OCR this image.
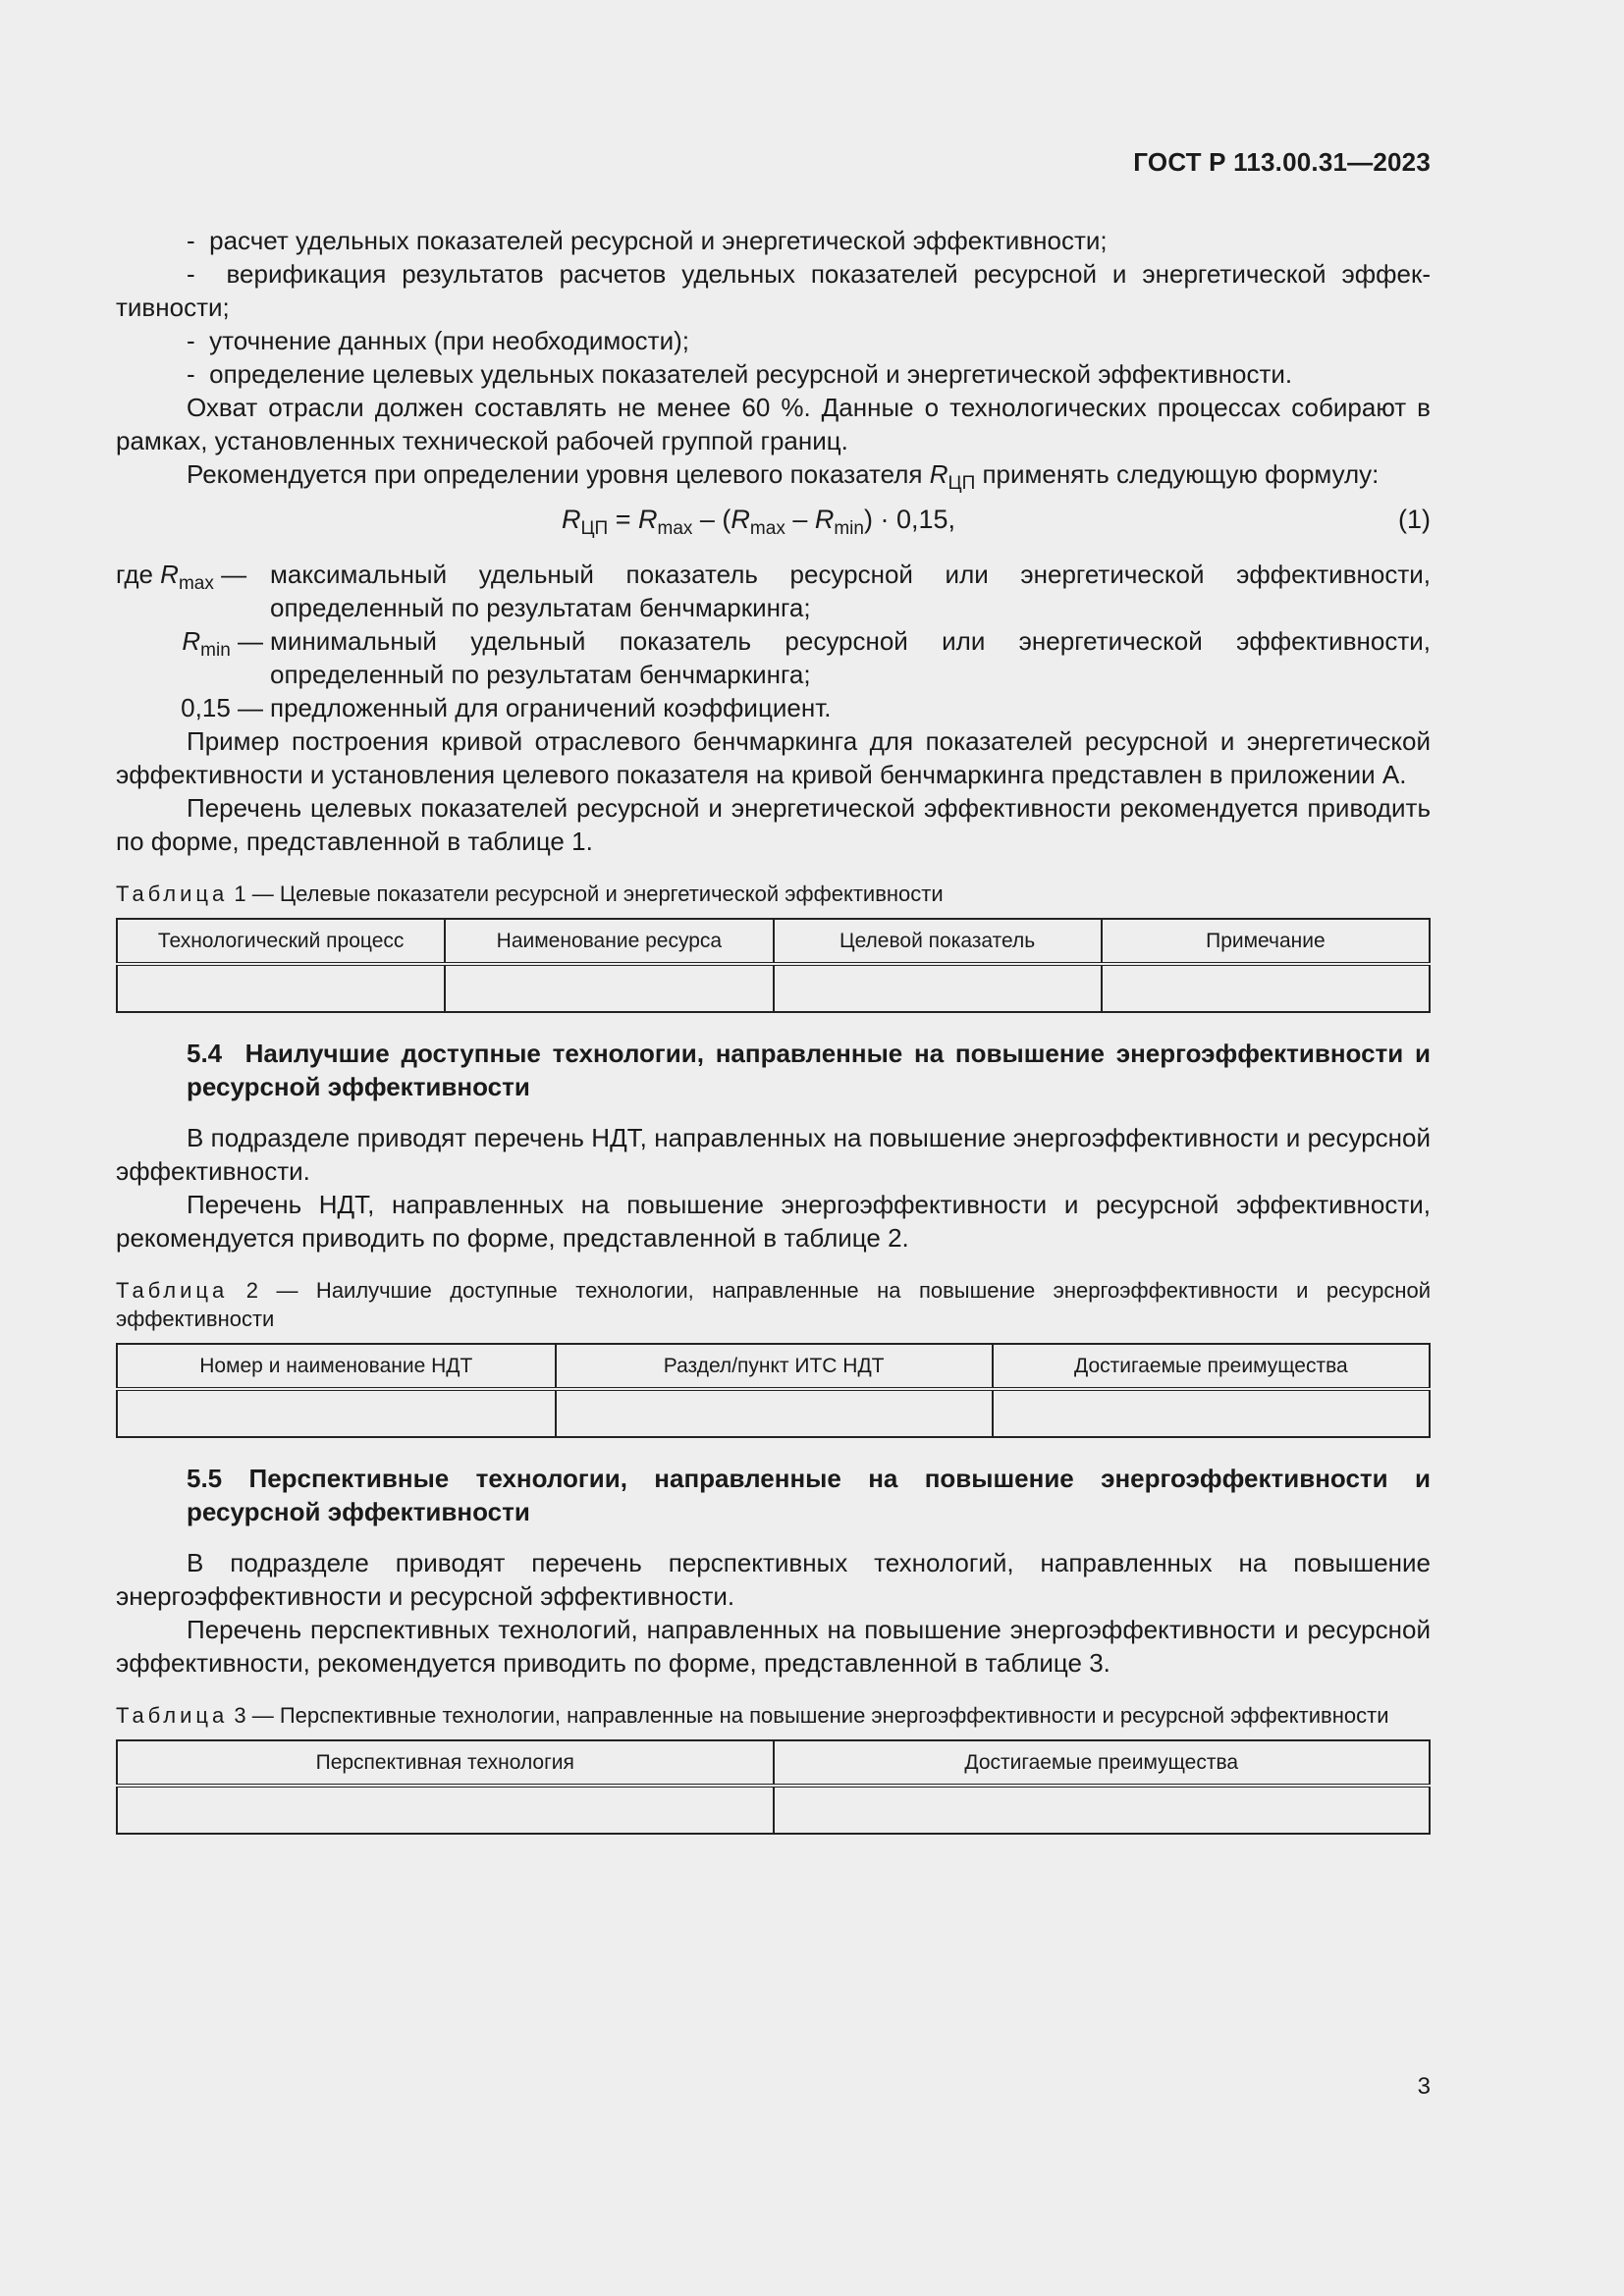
ГОСТ Р 113.00.31—2023

-  расчет удельных показателей ресурсной и энергетической эффективности;

-  верификация результатов расчетов удельных показателей ресурсной и энергетической эффек-

тивности;

-  уточнение данных (при необходимости);

-  определение целевых удельных показателей ресурсной и энергетической эффективности.

Охват отрасли должен составлять не менее 60 %. Данные о технологических процессах собирают в рамках, установленных технической рабочей группой границ.

Рекомендуется при определении уровня целевого показателя $R_{ЦП}$ применять следующую формулу:

$R_{ЦП} = R_{max} - (R_{max} - R_{min}) \cdot 0,15$,	(1)
где $R_{max}$ — максимальный удельный показатель ресурсной или энергетической эффективности, определенный по результатам бенчмаркинга;
$R_{min}$ — минимальный удельный показатель ресурсной или энергетической эффективности, определенный по результатам бенчмаркинга;
0,15 — предложенный для ограничений коэффициент.

Пример построения кривой отраслевого бенчмаркинга для показателей ресурсной и энергетической эффективности и установления целевого показателя на кривой бенчмаркинга представлен в приложении А.

Перечень целевых показателей ресурсной и энергетической эффективности рекомендуется приводить по форме, представленной в таблице 1.

Таблица 1 — Целевые показатели ресурсной и энергетической эффективности
Технологический процесс	Наименование ресурса	Целевой показатель	Примечание

5.4 Наилучшие доступные технологии, направленные на повышение энергоэффективности и ресурсной эффективности

В подразделе приводят перечень НДТ, направленных на повышение энергоэффективности и ресурсной эффективности.

Перечень НДТ, направленных на повышение энергоэффективности и ресурсной эффективности, рекомендуется приводить по форме, представленной в таблице 2.

Таблица 2 — Наилучшие доступные технологии, направленные на повышение энергоэффективности и ресурсной эффективности
Номер и наименование НДТ	Раздел/пункт ИТС НДТ	Достигаемые преимущества

5.5 Перспективные технологии, направленные на повышение энергоэффективности и ресурсной эффективности

В подразделе приводят перечень перспективных технологий, направленных на повышение энергоэффективности и ресурсной эффективности.

Перечень перспективных технологий, направленных на повышение энергоэффективности и ресурсной эффективности, рекомендуется приводить по форме, представленной в таблице 3.

Таблица 3 — Перспективные технологии, направленные на повышение энергоэффективности и ресурсной эффективности
Перспективная технология	Достигаемые преимущества

3
